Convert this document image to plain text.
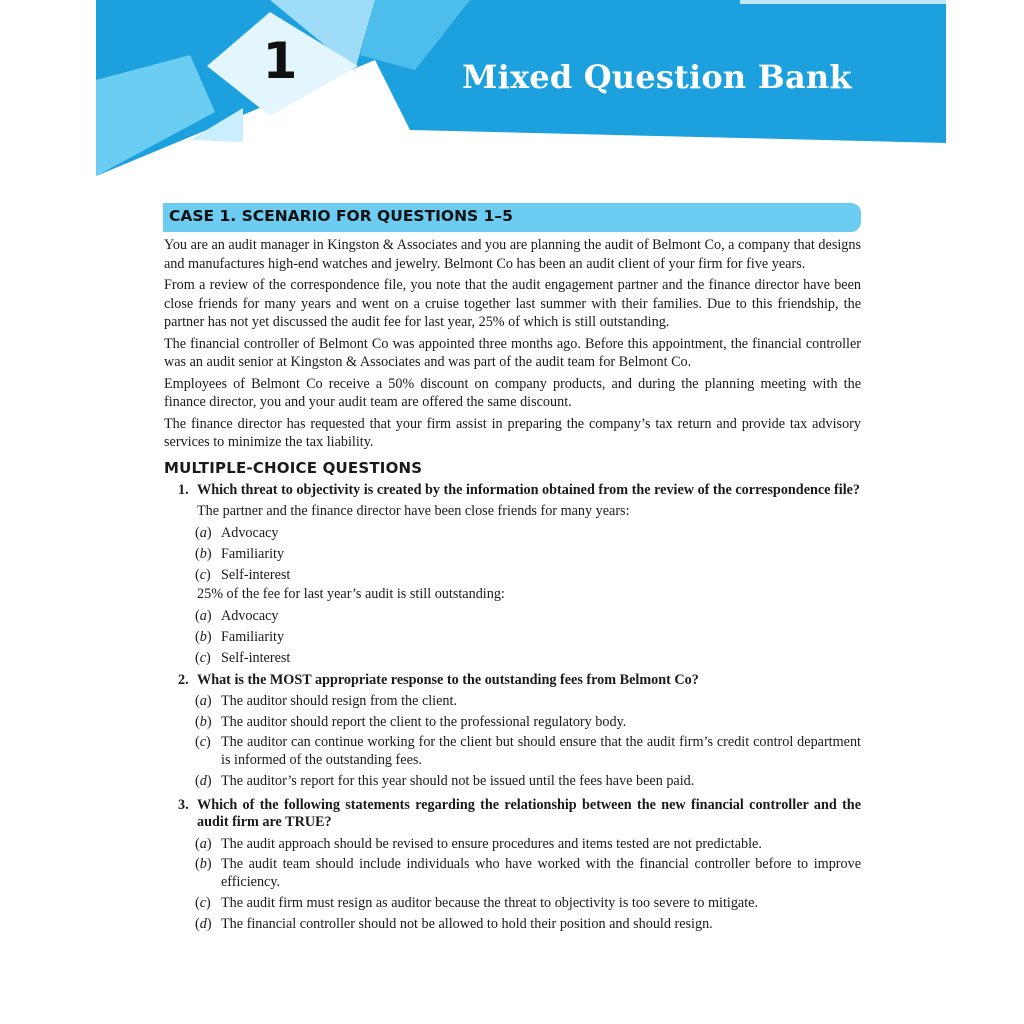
1	Mixed Question Bank
CASE 1. SCENARIO FOR QUESTIONS 1–5

You are an audit manager in Kingston & Associates and you are planning the audit of Belmont Co, a company that designs and manufactures high-end watches and jewelry. Belmont Co has been an audit client of your firm for five years.

From a review of the correspondence file, you note that the audit engagement partner and the finance director have been close friends for many years and went on a cruise together last summer with their families. Due to this friendship, the partner has not yet discussed the audit fee for last year, 25% of which is still outstanding.

The financial controller of Belmont Co was appointed three months ago. Before this appointment, the financial controller was an audit senior at Kingston & Associates and was part of the audit team for Belmont Co.

Employees of Belmont Co receive a 50% discount on company products, and during the planning meeting with the finance director, you and your audit team are offered the same discount.

The finance director has requested that your firm assist in preparing the company’s tax return and provide tax advisory services to minimize the tax liability.

MULTIPLE-CHOICE QUESTIONS
1. Which threat to objectivity is created by the information obtained from the review of the correspondence file?
The partner and the finance director have been close friends for many years:
(a) Advocacy
(b) Familiarity
(c) Self-interest
25% of the fee for last year’s audit is still outstanding:
(a) Advocacy
(b) Familiarity
(c) Self-interest
2. What is the MOST appropriate response to the outstanding fees from Belmont Co?
(a) The auditor should resign from the client.
(b) The auditor should report the client to the professional regulatory body.
(c) The auditor can continue working for the client but should ensure that the audit firm’s credit control department is informed of the outstanding fees.
(d) The auditor’s report for this year should not be issued until the fees have been paid.
3. Which of the following statements regarding the relationship between the new financial controller and the audit firm are TRUE?
(a) The audit approach should be revised to ensure procedures and items tested are not predictable.
(b) The audit team should include individuals who have worked with the financial controller before to improve efficiency.
(c) The audit firm must resign as auditor because the threat to objectivity is too severe to mitigate.
(d) The financial controller should not be allowed to hold their position and should resign.
